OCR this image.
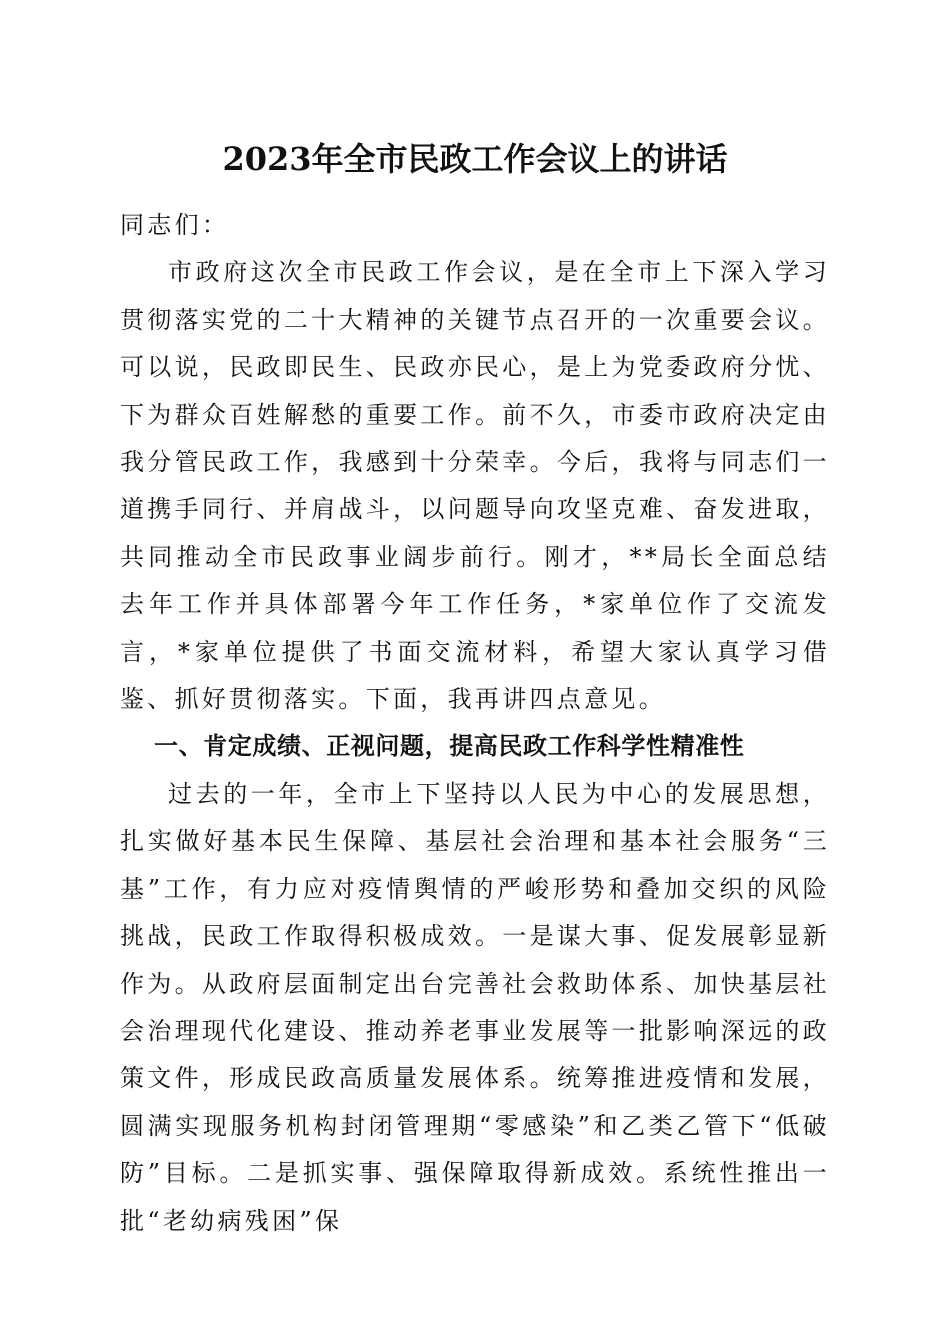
2023年全市民政工作会议上的讲话

同志们：

市政府这次全市民政工作会议，是在全市上下深入学习贯彻落实党的二十大精神的关键节点召开的一次重要会议。可以说，民政即民生、民政亦民心，是上为党委政府分忧、下为群众百姓解愁的重要工作。前不久，市委市政府决定由我分管民政工作，我感到十分荣幸。今后，我将与同志们一道携手同行、并肩战斗，以问题导向攻坚克难、奋发进取，共同推动全市民政事业阔步前行。刚才，**局长全面总结去年工作并具体部署今年工作任务，*家单位作了交流发言，*家单位提供了书面交流材料，希望大家认真学习借鉴、抓好贯彻落实。下面，我再讲四点意见。

一、肯定成绩、正视问题，提高民政工作科学性精准性

过去的一年，全市上下坚持以人民为中心的发展思想，扎实做好基本民生保障、基层社会治理和基本社会服务“三基”工作，有力应对疫情舆情的严峻形势和叠加交织的风险挑战，民政工作取得积极成效。一是谋大事、促发展彰显新作为。从政府层面制定出台完善社会救助体系、加快基层社会治理现代化建设、推动养老事业发展等一批影响深远的政策文件，形成民政高质量发展体系。统筹推进疫情和发展，圆满实现服务机构封闭管理期“零感染”和乙类乙管下“低破防”目标。二是抓实事、强保障取得新成效。系统性推出一批“老幼病残困”保
